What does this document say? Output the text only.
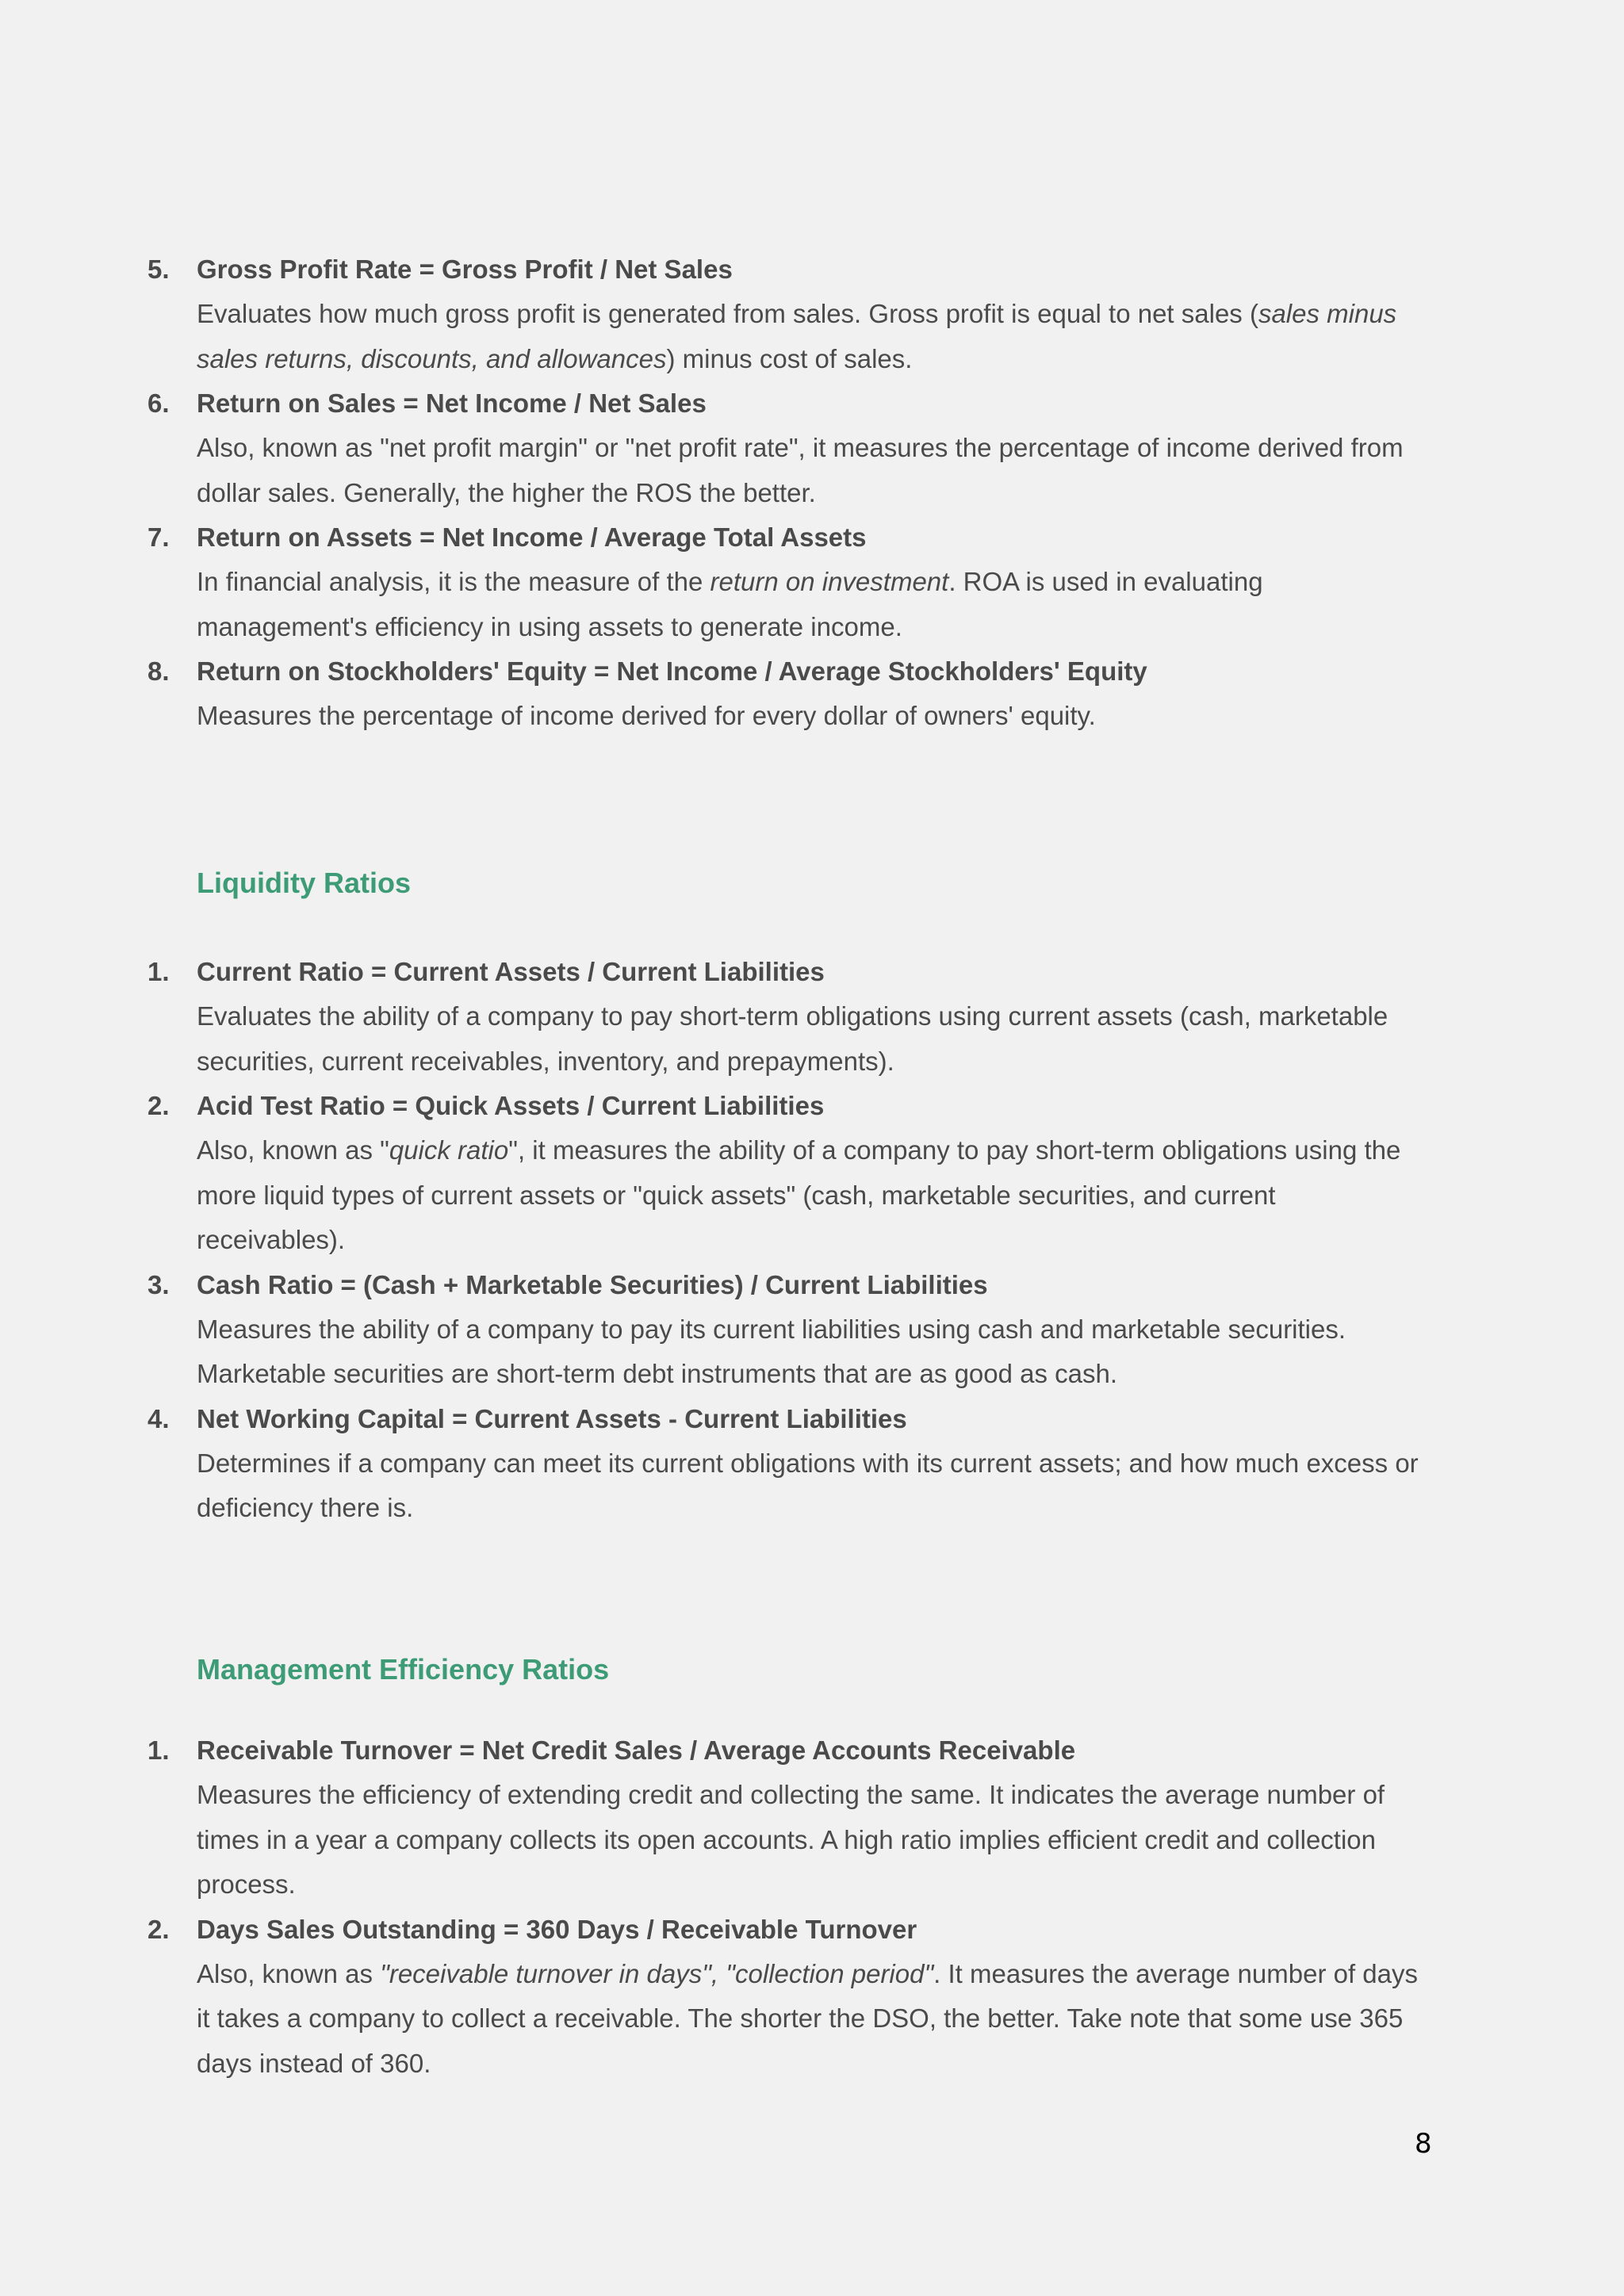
5. Gross Profit Rate = Gross Profit / Net Sales
Evaluates how much gross profit is generated from sales. Gross profit is equal to net sales (sales minus sales returns, discounts, and allowances) minus cost of sales.
6. Return on Sales = Net Income / Net Sales
Also, known as "net profit margin" or "net profit rate", it measures the percentage of income derived from dollar sales. Generally, the higher the ROS the better.
7. Return on Assets = Net Income / Average Total Assets
In financial analysis, it is the measure of the return on investment. ROA is used in evaluating management's efficiency in using assets to generate income.
8. Return on Stockholders' Equity = Net Income / Average Stockholders' Equity
Measures the percentage of income derived for every dollar of owners' equity.
Liquidity Ratios
1. Current Ratio = Current Assets / Current Liabilities
Evaluates the ability of a company to pay short-term obligations using current assets (cash, marketable securities, current receivables, inventory, and prepayments).
2. Acid Test Ratio = Quick Assets / Current Liabilities
Also, known as "quick ratio", it measures the ability of a company to pay short-term obligations using the more liquid types of current assets or "quick assets" (cash, marketable securities, and current receivables).
3. Cash Ratio = (Cash + Marketable Securities) / Current Liabilities
Measures the ability of a company to pay its current liabilities using cash and marketable securities. Marketable securities are short-term debt instruments that are as good as cash.
4. Net Working Capital = Current Assets - Current Liabilities
Determines if a company can meet its current obligations with its current assets; and how much excess or deficiency there is.
Management Efficiency Ratios
1. Receivable Turnover = Net Credit Sales / Average Accounts Receivable
Measures the efficiency of extending credit and collecting the same. It indicates the average number of times in a year a company collects its open accounts. A high ratio implies efficient credit and collection process.
2. Days Sales Outstanding = 360 Days / Receivable Turnover
Also, known as "receivable turnover in days", "collection period". It measures the average number of days it takes a company to collect a receivable. The shorter the DSO, the better. Take note that some use 365 days instead of 360.
8
